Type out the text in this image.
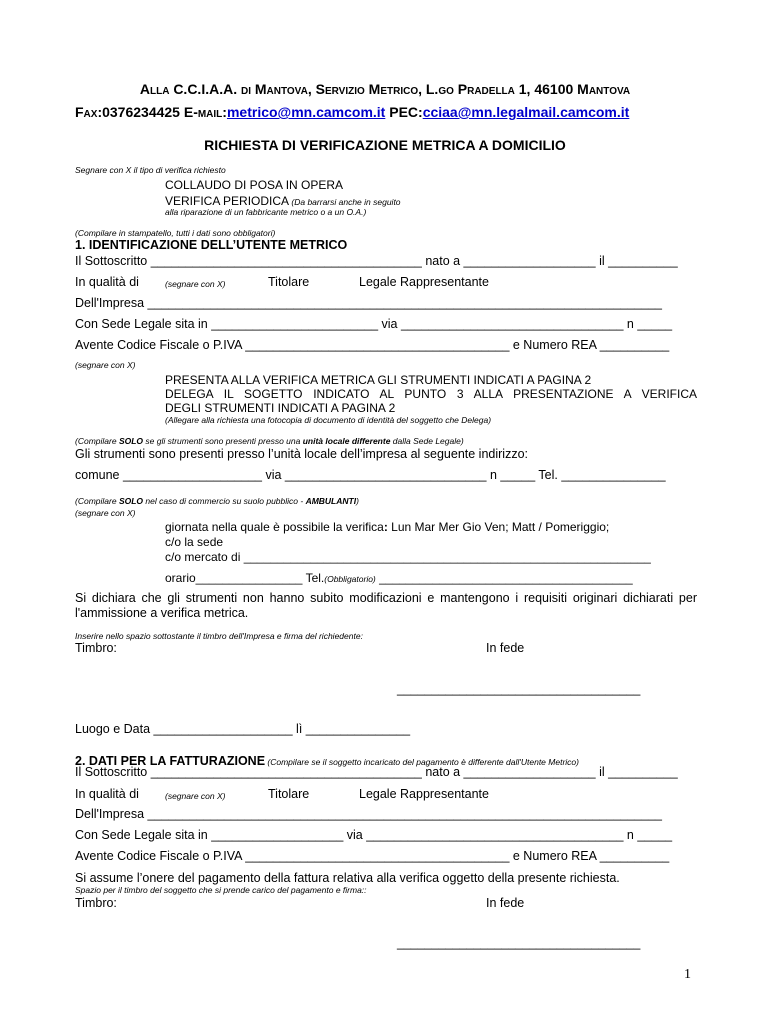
Alla C.C.I.A.A. di Mantova, Servizio Metrico, L.go Pradella 1, 46100 Mantova
Fax:0376234425 E-mail:metrico@mn.camcom.it PEC:cciaa@mn.legalmail.camcom.it
RICHIESTA DI VERIFICAZIONE METRICA A DOMICILIO
Segnare con X il tipo di verifica richiesto
COLLAUDO DI POSA IN OPERA
VERIFICA PERIODICA (Da barrarsi anche in seguito
alla riparazione di un fabbricante metrico o a un O.A.)
(Compilare in stampatello, tutti i dati sono obbligatori)
1. IDENTIFICAZIONE DELL’UTENTE METRICO
Il Sottoscritto _______________________________________ nato a ___________________ il __________
In qualità di	(segnare con X)	Titolare	Legale Rappresentante
Dell'Impresa __________________________________________________________________________
Con Sede Legale sita in ________________________ via ________________________________ n _____
Avente Codice Fiscale o P.IVA ______________________________________ e Numero REA __________
(segnare con X)
PRESENTA ALLA VERIFICA METRICA GLI STRUMENTI INDICATI A PAGINA 2
DELEGA IL SOGETTO INDICATO AL PUNTO 3 ALLA PRESENTAZIONE A VERIFICA
DEGLI STRUMENTI INDICATI A PAGINA 2
(Allegare alla richiesta una fotocopia di documento di identità del soggetto che Delega)
(Compilare SOLO se gli strumenti sono presenti presso una unità locale differente dalla Sede Legale)
Gli strumenti sono presenti presso l’unità locale dell’impresa al seguente indirizzo:
comune ____________________ via _____________________________ n _____ Tel. _______________
(Compilare SOLO nel caso di commercio su suolo pubblico - AMBULANTI)
(segnare con X)
giornata nella quale è possibile la verifica: Lun Mar Mer Gio Ven; Matt / Pomeriggio;
c/o la sede
c/o mercato di _____________________________________________________________
orario________________ Tel.(Obbligatorio) ______________________________________
Si dichiara che gli strumenti non hanno subito modificazioni e mantengono i requisiti originari dichiarati per l'ammissione a verifica metrica.
Inserire nello spazio sottostante il timbro dell'Impresa e firma del richiedente:
Timbro:	In fede
___________________________________
Luogo e Data ____________________ lì _______________
2. DATI PER LA FATTURAZIONE (Compilare se il soggetto incaricato del pagamento è differente dall'Utente Metrico)
Il Sottoscritto _______________________________________ nato a ___________________ il __________
In qualità di	(segnare con X)	Titolare	Legale Rappresentante
Dell'Impresa __________________________________________________________________________
Con Sede Legale sita in ___________________ via _____________________________________ n _____
Avente Codice Fiscale o P.IVA ______________________________________ e Numero REA __________
Si assume l’onere del pagamento della fattura relativa alla verifica oggetto della presente richiesta.
Spazio per il timbro del soggetto che si prende carico del pagamento e firma::
Timbro:	In fede
___________________________________
1
